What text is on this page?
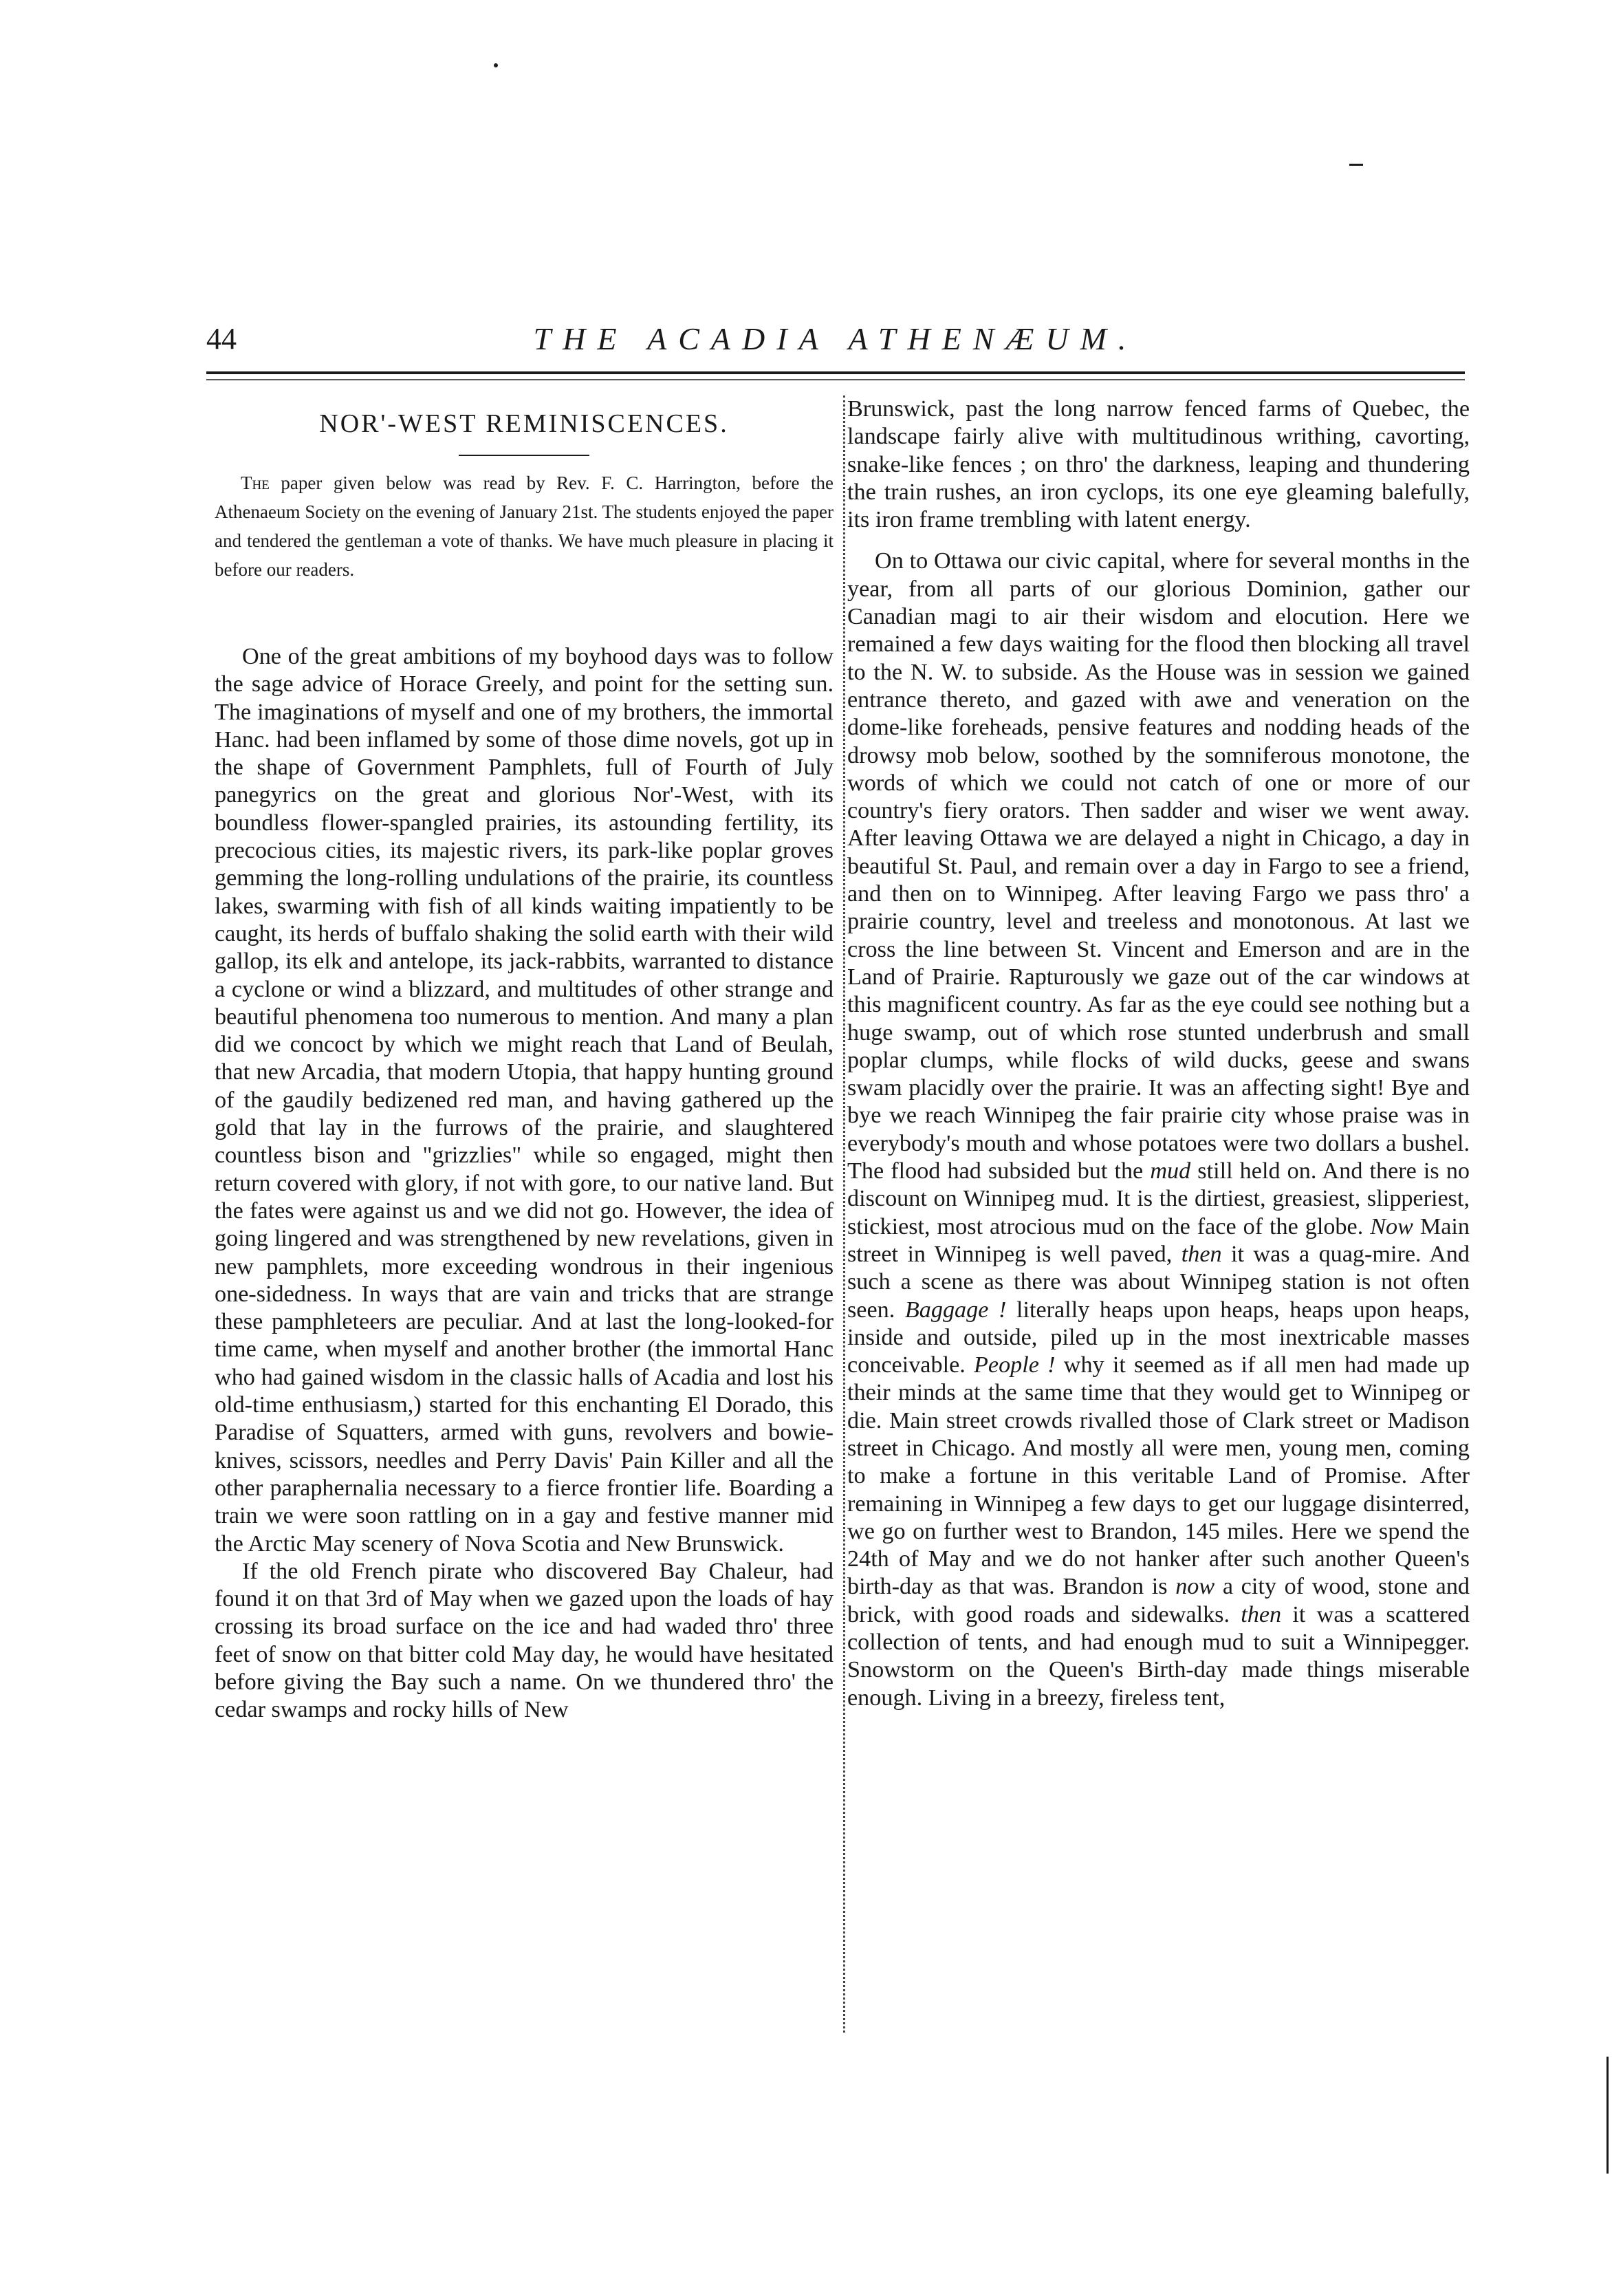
44	THE ACADIA ATHENÆUM.
NOR'-WEST REMINISCENCES.

The paper given below was read by Rev. F. C. Harrington, before the Athenaeum Society on the evening of January 21st. The students enjoyed the paper and tendered the gentleman a vote of thanks. We have much pleasure in placing it before our readers.

One of the great ambitions of my boyhood days was to follow the sage advice of Horace Greely, and point for the setting sun. The imaginations of myself and one of my brothers, the immortal Hanc. had been inflamed by some of those dime novels, got up in the shape of Government Pamphlets, full of Fourth of July panegyrics on the great and glorious Nor'-West, with its boundless flower-spangled prairies, its astounding fertility, its precocious cities, its majestic rivers, its park-like poplar groves gemming the long-rolling undulations of the prairie, its countless lakes, swarming with fish of all kinds waiting impatiently to be caught, its herds of buffalo shaking the solid earth with their wild gallop, its elk and antelope, its jack-rabbits, warranted to distance a cyclone or wind a blizzard, and multitudes of other strange and beautiful phenomena too numerous to mention. And many a plan did we concoct by which we might reach that Land of Beulah, that new Arcadia, that modern Utopia, that happy hunting ground of the gaudily bedizened red man, and having gathered up the gold that lay in the furrows of the prairie, and slaughtered countless bison and "grizzlies" while so engaged, might then return covered with glory, if not with gore, to our native land. But the fates were against us and we did not go. However, the idea of going lingered and was strengthened by new revelations, given in new pamphlets, more exceeding wondrous in their ingenious one-sidedness. In ways that are vain and tricks that are strange these pamphleteers are peculiar. And at last the long-looked-for time came, when myself and another brother (the immortal Hanc who had gained wisdom in the classic halls of Acadia and lost his old-time enthusiasm,) started for this enchanting El Dorado, this Paradise of Squatters, armed with guns, revolvers and bowie-knives, scissors, needles and Perry Davis' Pain Killer and all the other paraphernalia necessary to a fierce frontier life. Boarding a train we were soon rattling on in a gay and festive manner mid the Arctic May scenery of Nova Scotia and New Brunswick.

If the old French pirate who discovered Bay Chaleur, had found it on that 3rd of May when we gazed upon the loads of hay crossing its broad surface on the ice and had waded thro' three feet of snow on that bitter cold May day, he would have hesitated before giving the Bay such a name. On we thundered thro' the cedar swamps and rocky hills of New

Brunswick, past the long narrow fenced farms of Quebec, the landscape fairly alive with multitudinous writhing, cavorting, snake-like fences ; on thro' the darkness, leaping and thundering the train rushes, an iron cyclops, its one eye gleaming balefully, its iron frame trembling with latent energy.

On to Ottawa our civic capital, where for several months in the year, from all parts of our glorious Dominion, gather our Canadian magi to air their wisdom and elocution. Here we remained a few days waiting for the flood then blocking all travel to the N. W. to subside. As the House was in session we gained entrance thereto, and gazed with awe and veneration on the dome-like foreheads, pensive features and nodding heads of the drowsy mob below, soothed by the somniferous monotone, the words of which we could not catch of one or more of our country's fiery orators. Then sadder and wiser we went away. After leaving Ottawa we are delayed a night in Chicago, a day in beautiful St. Paul, and remain over a day in Fargo to see a friend, and then on to Winnipeg. After leaving Fargo we pass thro' a prairie country, level and treeless and monotonous. At last we cross the line between St. Vincent and Emerson and are in the Land of Prairie. Rapturously we gaze out of the car windows at this magnificent country. As far as the eye could see nothing but a huge swamp, out of which rose stunted underbrush and small poplar clumps, while flocks of wild ducks, geese and swans swam placidly over the prairie. It was an affecting sight! Bye and bye we reach Winnipeg the fair prairie city whose praise was in everybody's mouth and whose potatoes were two dollars a bushel. The flood had subsided but the mud still held on. And there is no discount on Winnipeg mud. It is the dirtiest, greasiest, slipperiest, stickiest, most atrocious mud on the face of the globe. Now Main street in Winnipeg is well paved, then it was a quag-mire. And such a scene as there was about Winnipeg station is not often seen. Baggage ! literally heaps upon heaps, heaps upon heaps, inside and outside, piled up in the most inextricable masses conceivable. People ! why it seemed as if all men had made up their minds at the same time that they would get to Winnipeg or die. Main street crowds rivalled those of Clark street or Madison street in Chicago. And mostly all were men, young men, coming to make a fortune in this veritable Land of Promise. After remaining in Winnipeg a few days to get our luggage disinterred, we go on further west to Brandon, 145 miles. Here we spend the 24th of May and we do not hanker after such another Queen's birth-day as that was. Brandon is now a city of wood, stone and brick, with good roads and sidewalks. then it was a scattered collection of tents, and had enough mud to suit a Winnipegger. Snowstorm on the Queen's Birth-day made things miserable enough. Living in a breezy, fireless tent,
